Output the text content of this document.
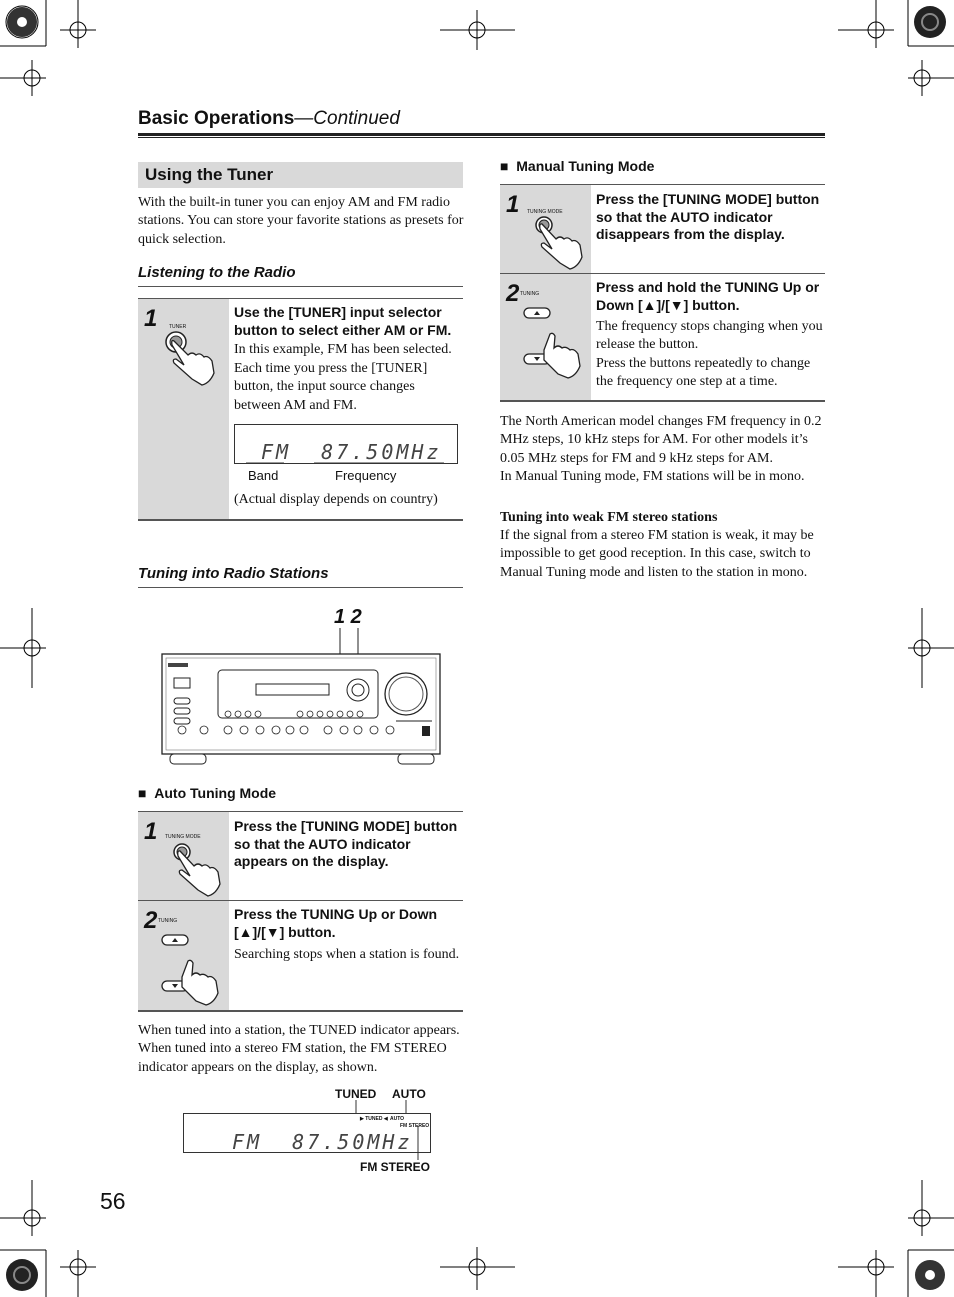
Basic Operations—Continued
Using the Tuner
With the built-in tuner you can enjoy AM and FM radio stations. You can store your favorite stations as presets for quick selection.
Listening to the Radio
1 TUNER
Use the [TUNER] input selector button to select either AM or FM.
In this example, FM has been selected.
Each time you press the [TUNER] button, the input source changes between AM and FM.
FM  87.50MHz
Band	Frequency
(Actual display depends on country)
Tuning into Radio Stations
1 2
■  Auto Tuning Mode
1 TUNING MODE
Press the [TUNING MODE] button so that the AUTO indicator appears on the display.
2 TUNING	Press the TUNING Up or Down [▲]/[▼] button.
Searching stops when a station is found.
When tuned into a station, the TUNED indicator appears. When tuned into a stereo FM station, the FM STEREO indicator appears on the display, as shown.
TUNED AUTO
▶ TUNED ◀ AUTO
FM STEREO
FM  87.50MHz
FM STEREO
56
■  Manual Tuning Mode
1 TUNING MODE
Press the [TUNING MODE] button so that the AUTO indicator disappears from the display.
2 TUNING	Press and hold the TUNING Up or Down [▲]/[▼] button.
The frequency stops changing when you release the button.
Press the buttons repeatedly to change the frequency one step at a time.
The North American model changes FM frequency in 0.2 MHz steps, 10 kHz steps for AM. For other models it’s 0.05 MHz steps for FM and 9 kHz steps for AM.
In Manual Tuning mode, FM stations will be in mono.
Tuning into weak FM stereo stations
If the signal from a stereo FM station is weak, it may be impossible to get good reception. In this case, switch to Manual Tuning mode and listen to the station in mono.
